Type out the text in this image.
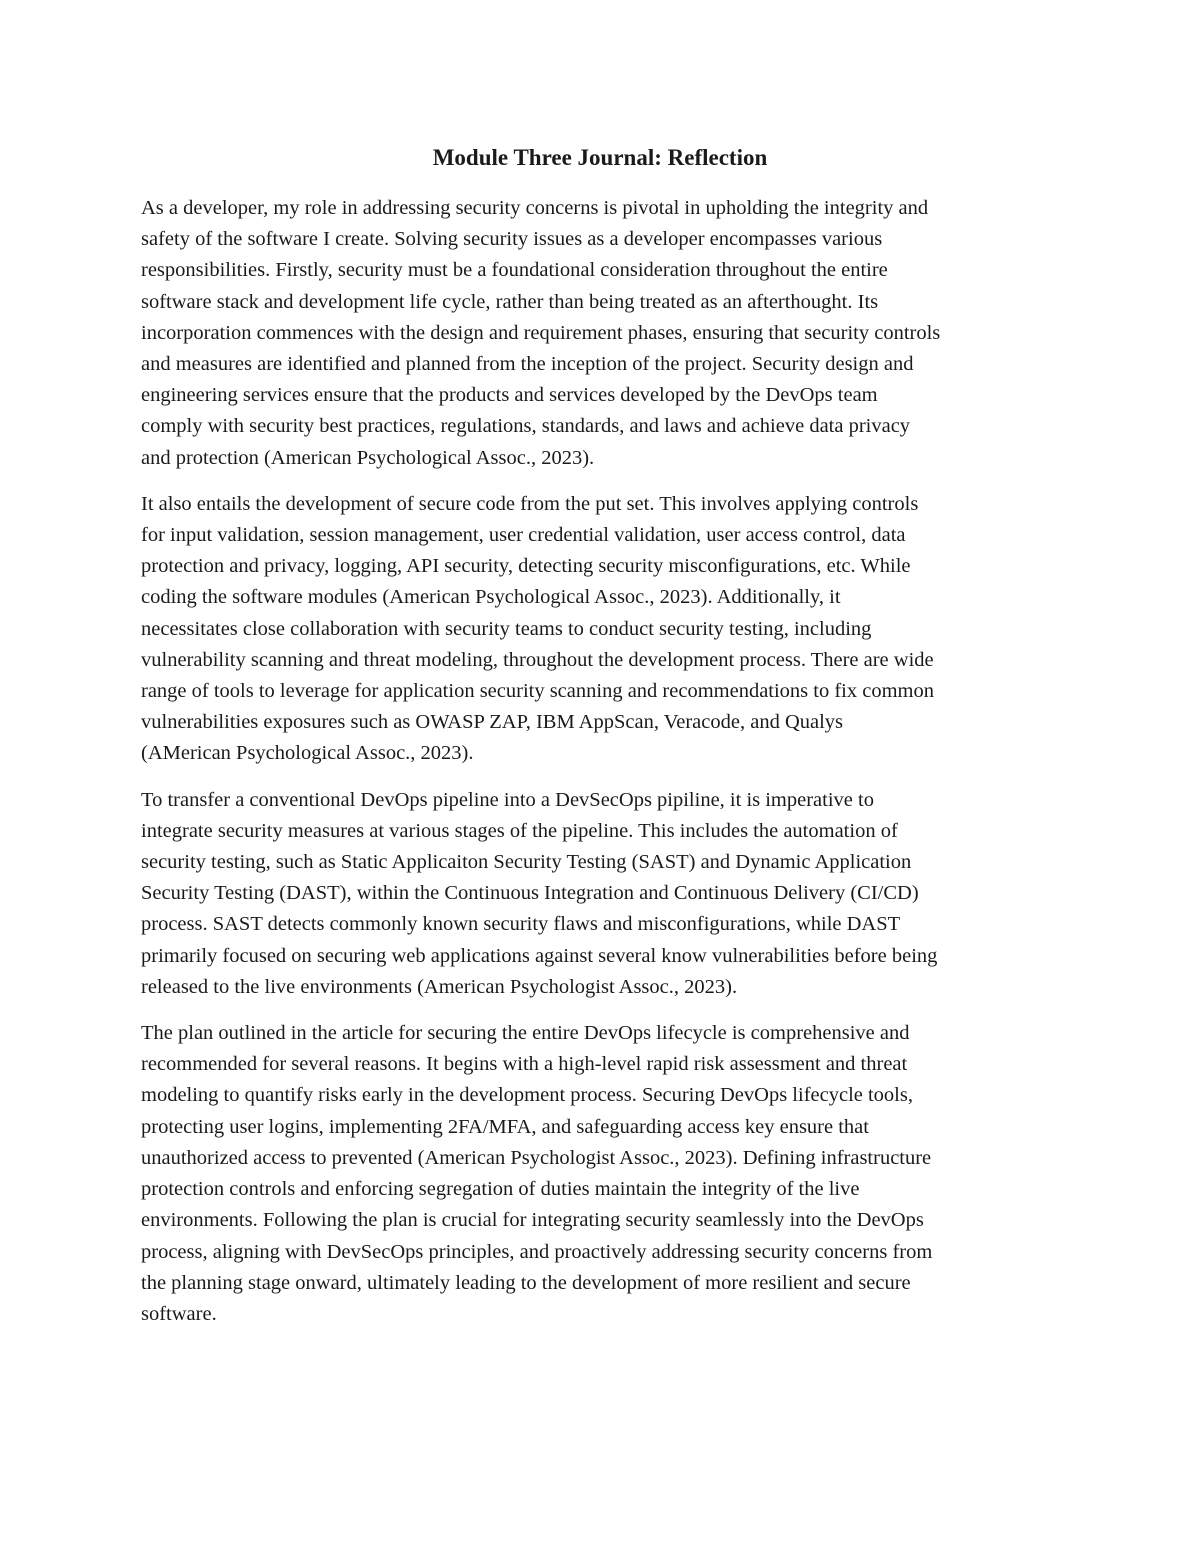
Module Three Journal: Reflection

As a developer, my role in addressing security concerns is pivotal in upholding the integrity and
safety of the software I create. Solving security issues as a developer encompasses various
responsibilities. Firstly, security must be a foundational consideration throughout the entire
software stack and development life cycle, rather than being treated as an afterthought. Its
incorporation commences with the design and requirement phases, ensuring that security controls
and measures are identified and planned from the inception of the project. Security design and
engineering services ensure that the products and services developed by the DevOps team
comply with security best practices, regulations, standards, and laws and achieve data privacy
and protection (American Psychological Assoc., 2023).

It also entails the development of secure code from the put set. This involves applying controls
for input validation, session management, user credential validation, user access control, data
protection and privacy, logging, API security, detecting security misconfigurations, etc. While
coding the software modules (American Psychological Assoc., 2023). Additionally, it
necessitates close collaboration with security teams to conduct security testing, including
vulnerability scanning and threat modeling, throughout the development process. There are wide
range of tools to leverage for application security scanning and recommendations to fix common
vulnerabilities exposures such as OWASP ZAP, IBM AppScan, Veracode, and Qualys
(AMerican Psychological Assoc., 2023).

To transfer a conventional DevOps pipeline into a DevSecOps pipiline, it is imperative to
integrate security measures at various stages of the pipeline. This includes the automation of
security testing, such as Static Applicaiton Security Testing (SAST) and Dynamic Application
Security Testing (DAST), within the Continuous Integration and Continuous Delivery (CI/CD)
process. SAST detects commonly known security flaws and misconfigurations, while DAST
primarily focused on securing web applications against several know vulnerabilities before being
released to the live environments (American Psychologist Assoc., 2023).

The plan outlined in the article for securing the entire DevOps lifecycle is comprehensive and
recommended for several reasons. It begins with a high-level rapid risk assessment and threat
modeling to quantify risks early in the development process. Securing DevOps lifecycle tools,
protecting user logins, implementing 2FA/MFA, and safeguarding access key ensure that
unauthorized access to prevented (American Psychologist Assoc., 2023). Defining infrastructure
protection controls and enforcing segregation of duties maintain the integrity of the live
environments. Following the plan is crucial for integrating security seamlessly into the DevOps
process, aligning with DevSecOps principles, and proactively addressing security concerns from
the planning stage onward, ultimately leading to the development of more resilient and secure
software.
